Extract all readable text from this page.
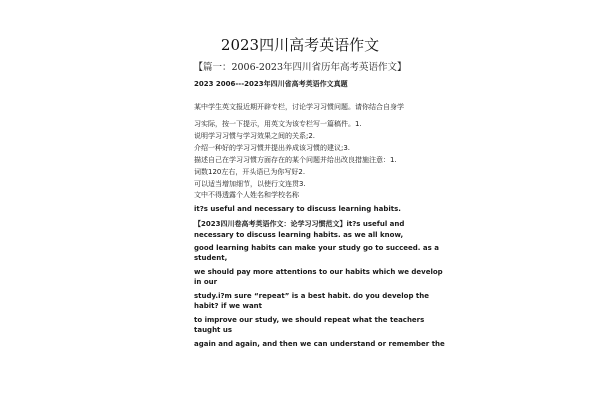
2023四川高考英语作文
【篇一：2006-2023年四川省历年高考英语作文】
2023 2006---2023年四川省高考英语作文真题
某中学生英文报近期开辟专栏，讨论学习习惯问题。请你结合自身学
习实际，按一下提示，用英文为该专栏写一篇稿件。1.
说明学习习惯与学习效果之间的关系;2.
介绍一种好的学习习惯并提出养成该习惯的建议;3.
描述自己在学习习惯方面存在的某个问题并给出改良措施注意：1.
词数120左右，开头语已为你写好2.
可以适当增加细节，以使行文连贯3.
文中不得透露个人姓名和学校名称
it?s useful and necessary to discuss learning habits.
【2023四川卷高考英语作文：论学习习惯范文】it?s useful and
necessary to discuss learning habits. as we all know,
good learning habits can make your study go to succeed. as a
student,
we should pay more attentions to our habits which we develop
in our
study.i?m sure “repeat” is a best habit. do you develop the
habit? if we want
to improve our study, we should repeat what the teachers
taught us
again and again, and then we can understand or remember the
